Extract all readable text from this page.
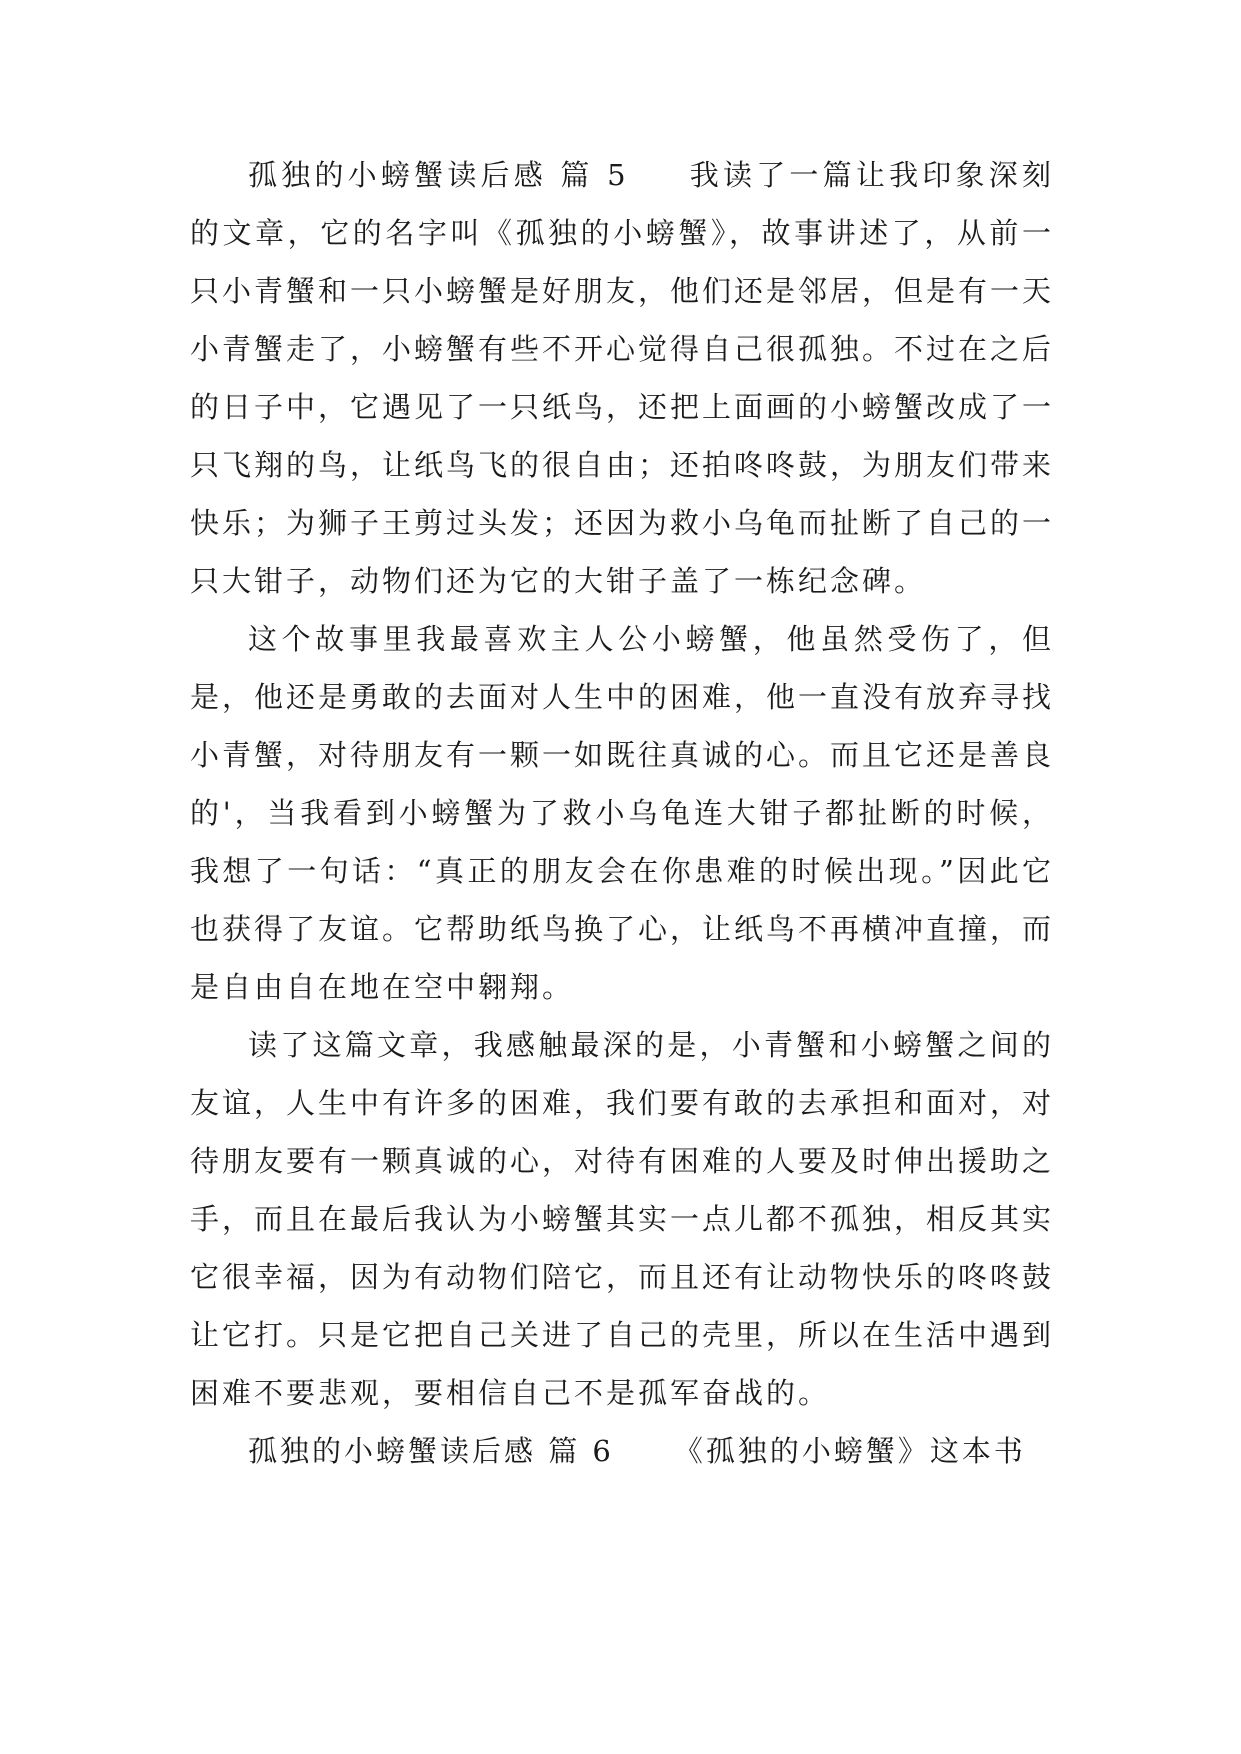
孤独的小螃蟹读后感 篇 5 我读了一篇让我印象深刻的文章，它的名字叫《孤独的小螃蟹》，故事讲述了，从前一只小青蟹和一只小螃蟹是好朋友，他们还是邻居，但是有一天小青蟹走了，小螃蟹有些不开心觉得自己很孤独。不过在之后的日子中，它遇见了一只纸鸟，还把上面画的小螃蟹改成了一只飞翔的鸟，让纸鸟飞的很自由；还拍咚咚鼓，为朋友们带来快乐；为狮子王剪过头发；还因为救小乌龟而扯断了自己的一只大钳子，动物们还为它的大钳子盖了一栋纪念碑。

这个故事里我最喜欢主人公小螃蟹，他虽然受伤了，但是，他还是勇敢的去面对人生中的困难，他一直没有放弃寻找小青蟹，对待朋友有一颗一如既往真诚的心。而且它还是善良的'，当我看到小螃蟹为了救小乌龟连大钳子都扯断的时候，我想了一句话：“真正的朋友会在你患难的时候出现。”因此它也获得了友谊。它帮助纸鸟换了心，让纸鸟不再横冲直撞，而是自由自在地在空中翱翔。

读了这篇文章，我感触最深的是，小青蟹和小螃蟹之间的友谊，人生中有许多的困难，我们要有敢的去承担和面对，对待朋友要有一颗真诚的心，对待有困难的人要及时伸出援助之手，而且在最后我认为小螃蟹其实一点儿都不孤独，相反其实它很幸福，因为有动物们陪它，而且还有让动物快乐的咚咚鼓让它打。只是它把自己关进了自己的壳里，所以在生活中遇到困难不要悲观，要相信自己不是孤军奋战的。

孤独的小螃蟹读后感 篇 6 《孤独的小螃蟹》这本书
